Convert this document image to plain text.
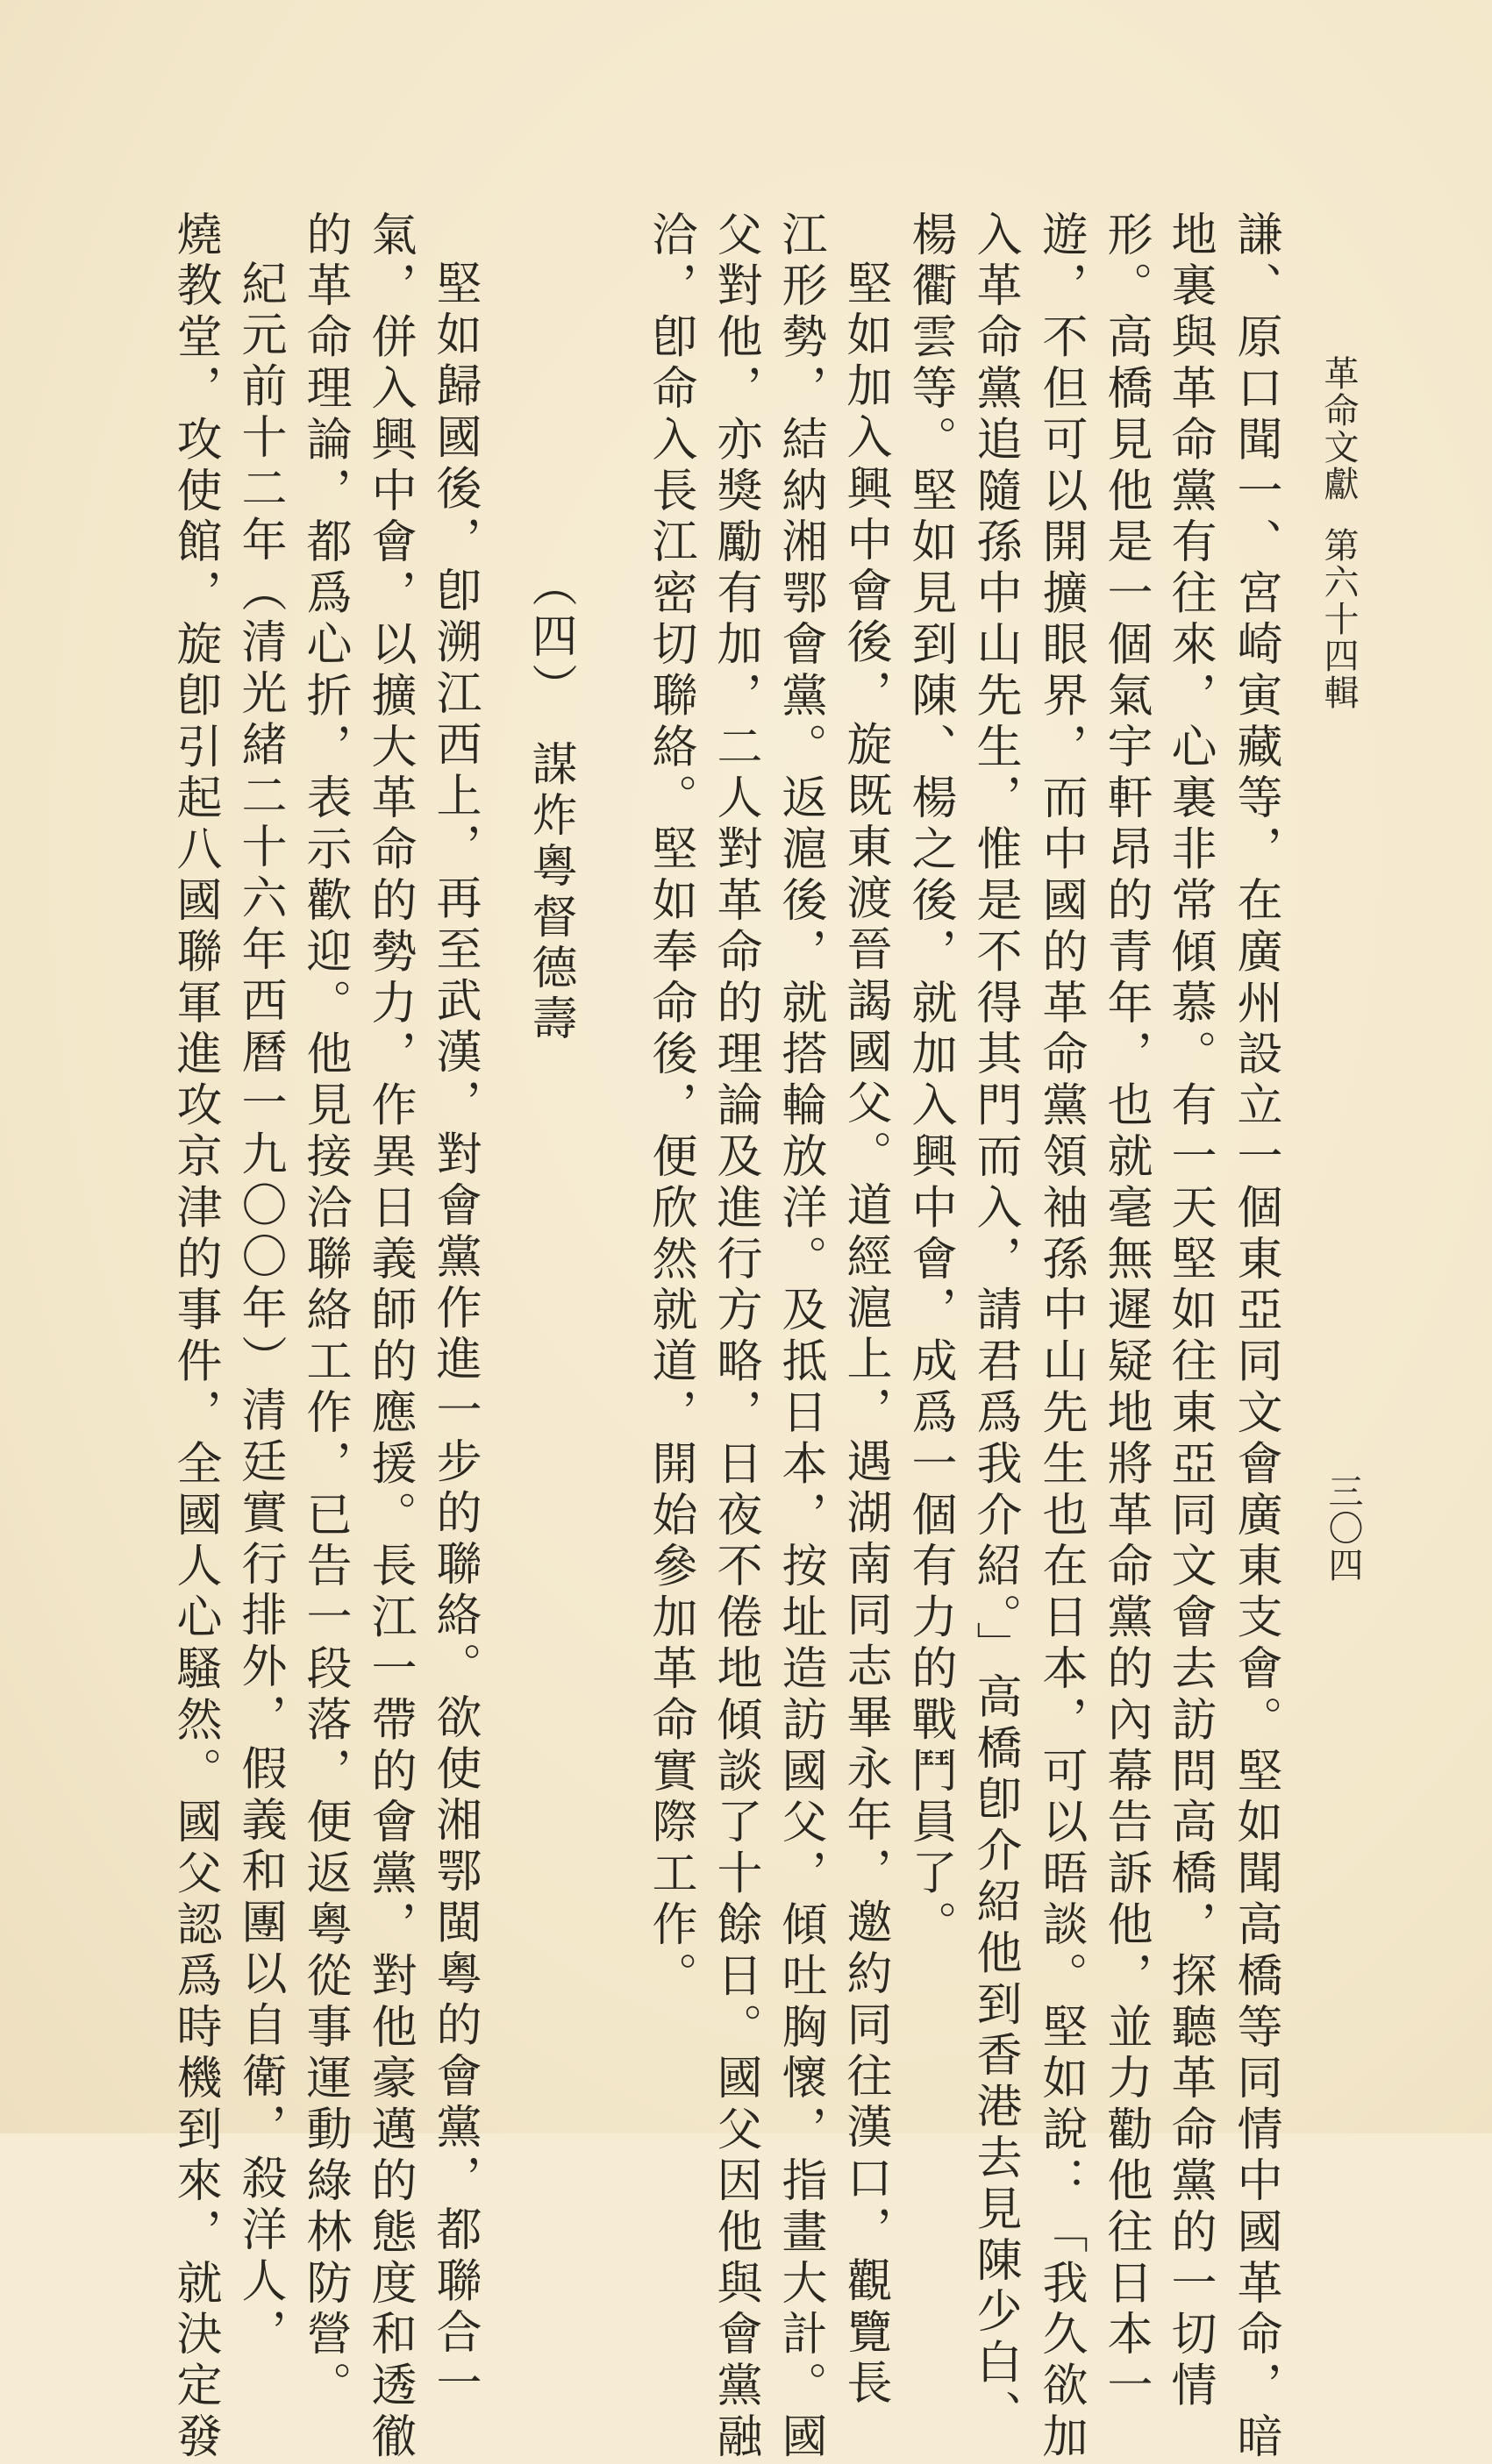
革命文獻第六十四輯
三〇四
謙、原口聞一、宮崎寅藏等，在廣州設立一個東亞同文會廣東支會。堅如聞高橋等同情中國革命，暗
地裏與革命黨有往來，心裏非常傾慕。有一天堅如往東亞同文會去訪問高橋，探聽革命黨的一切情
形。高橋見他是一個氣宇軒昂的青年，也就毫無遲疑地將革命黨的內幕告訴他，並力勸他往日本一
遊，不但可以開擴眼界，而中國的革命黨領袖孫中山先生也在日本，可以晤談。堅如說：「我久欲加
入革命黨追隨孫中山先生，惟是不得其門而入，請君爲我介紹。」高橋卽介紹他到香港去見陳少白、
楊衢雲等。堅如見到陳、楊之後，就加入興中會，成爲一個有力的戰鬥員了。
堅如加入興中會後，旋既東渡晉謁國父。道經滬上，遇湖南同志畢永年，邀約同往漢口，觀覽長
江形勢，結納湘鄂會黨。返滬後，就搭輪放洋。及抵日本，按址造訪國父，傾吐胸懷，指畫大計。國
父對他，亦獎勵有加，二人對革命的理論及進行方略，日夜不倦地傾談了十餘日。國父因他與會黨融
洽，卽命入長江密切聯絡。堅如奉命後，便欣然就道，開始參加革命實際工作。
（四）謀炸粵督德壽
堅如歸國後，卽溯江西上，再至武漢，對會黨作進一步的聯絡。欲使湘鄂閩粵的會黨，都聯合一
氣，併入興中會，以擴大革命的勢力，作異日義師的應援。長江一帶的會黨，對他豪邁的態度和透徹
的革命理論，都爲心折，表示歡迎。他見接洽聯絡工作，已告一段落，便返粵從事運動綠林防營。
紀元前十二年（清光緒二十六年西曆一九〇〇年）清廷實行排外，假義和團以自衛，殺洋人，
燒教堂，攻使館，旋卽引起八國聯軍進攻京津的事件，全國人心騷然。國父認爲時機到來，就決定發
